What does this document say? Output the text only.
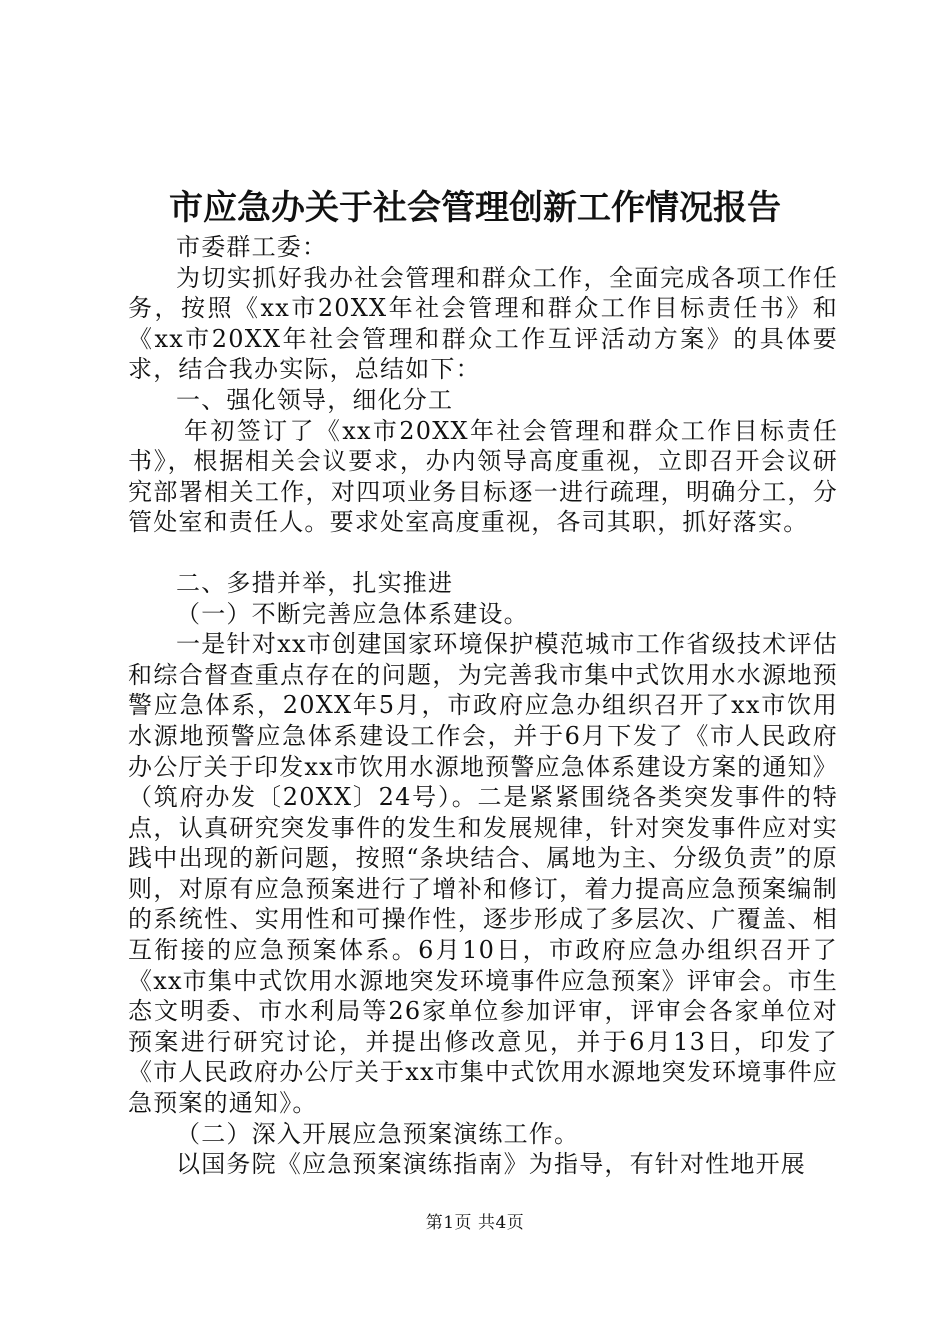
市应急办关于社会管理创新工作情况报告

市委群工委：

为切实抓好我办社会管理和群众工作，全面完成各项工作任务，按照《xx市20XX年社会管理和群众工作目标责任书》和《xx市20XX年社会管理和群众工作互评活动方案》的具体要求，结合我办实际，总结如下：

一、强化领导，细化分工

年初签订了《xx市20XX年社会管理和群众工作目标责任书》，根据相关会议要求，办内领导高度重视，立即召开会议研究部署相关工作，对四项业务目标逐一进行疏理，明确分工，分管处室和责任人。要求处室高度重视，各司其职，抓好落实。

二、多措并举，扎实推进

（一）不断完善应急体系建设。

一是针对xx市创建国家环境保护模范城市工作省级技术评估和综合督查重点存在的问题，为完善我市集中式饮用水水源地预警应急体系，20XX年5月，市政府应急办组织召开了xx市饮用水源地预警应急体系建设工作会，并于6月下发了《市人民政府办公厅关于印发xx市饮用水源地预警应急体系建设方案的通知》（筑府办发〔20XX〕24号）。二是紧紧围绕各类突发事件的特点，认真研究突发事件的发生和发展规律，针对突发事件应对实践中出现的新问题，按照“条块结合、属地为主、分级负责”的原则，对原有应急预案进行了增补和修订，着力提高应急预案编制的系统性、实用性和可操作性，逐步形成了多层次、广覆盖、相互衔接的应急预案体系。6月10日，市政府应急办组织召开了《xx市集中式饮用水源地突发环境事件应急预案》评审会。市生态文明委、市水利局等26家单位参加评审，评审会各家单位对预案进行研究讨论，并提出修改意见，并于6月13日，印发了《市人民政府办公厅关于xx市集中式饮用水源地突发环境事件应急预案的通知》。

（二）深入开展应急预案演练工作。

以国务院《应急预案演练指南》为指导，有针对性地开展

第1页 共4页
